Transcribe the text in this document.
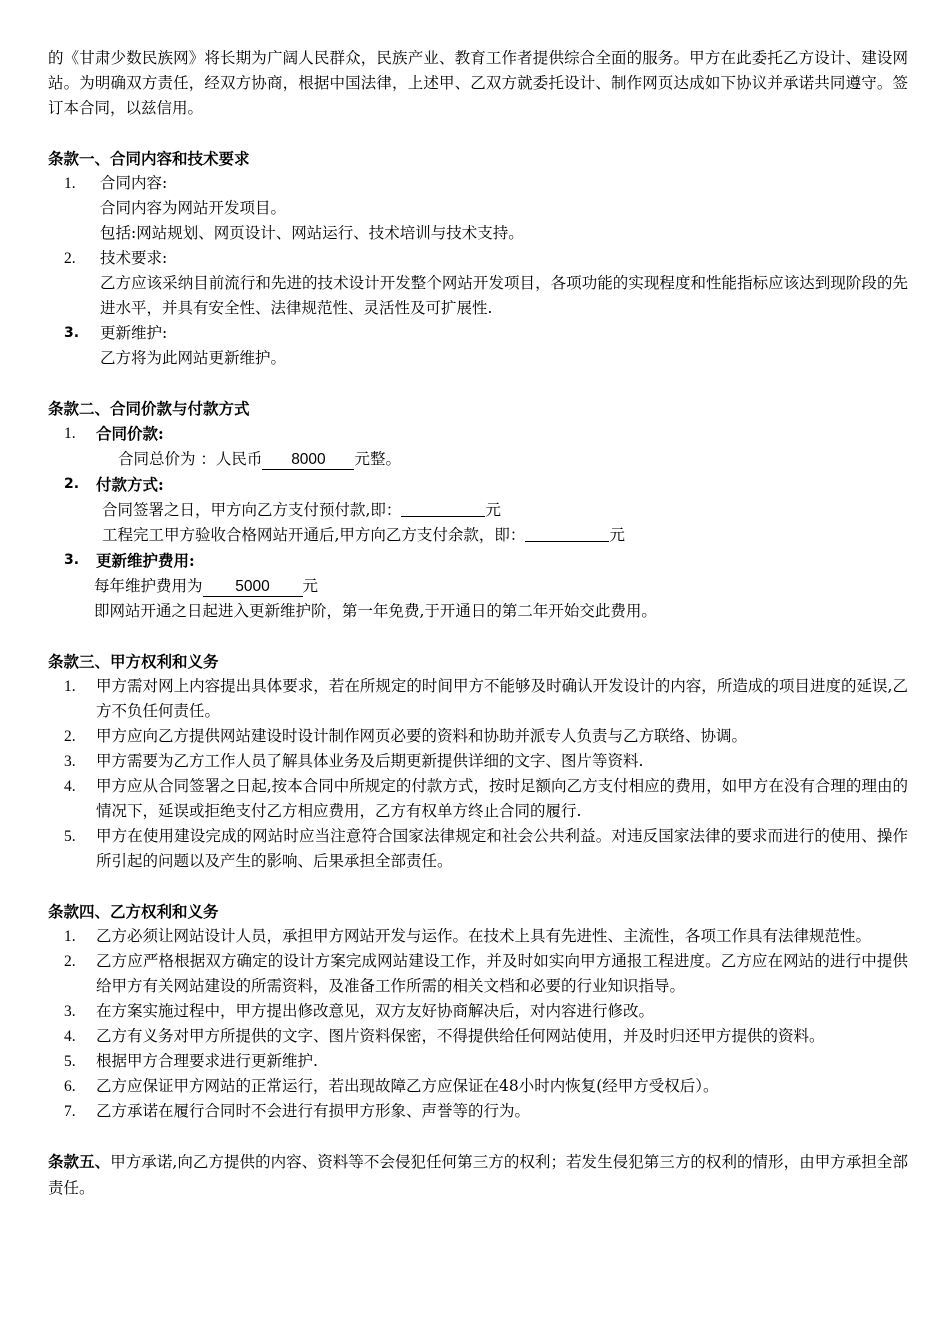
的《甘肃少数民族网》将长期为广阔人民群众，民族产业、教育工作者提供综合全面的服务。甲方在此委托乙方设计、建设网站。为明确双方责任，经双方协商，根据中国法律，上述甲、乙双方就委托设计、制作网页达成如下协议并承诺共同遵守。签订本合同，以兹信用。

条款一、合同内容和技术要求

1. 合同内容:

合同内容为网站开发项目。

包括:网站规划、网页设计、网站运行、技术培训与技术支持。

2. 技术要求:

乙方应该采纳目前流行和先进的技术设计开发整个网站开发项目，各项功能的实现程度和性能指标应该达到现阶段的先进水平，并具有安全性、法律规范性、灵活性及可扩展性.

3. 更新维护:

乙方将为此网站更新维护。

条款二、合同价款与付款方式

1. 合同价款:

合同总价为 ：人民币 8000 元整。

2. 付款方式:

合同签署之日，甲方向乙方支付预付款,即：	元

工程完工甲方验收合格网站开通后,甲方向乙方支付余款，即：	元

3. 更新维护费用:

每年维护费用为 5000 元

即网站开通之日起进入更新维护阶，第一年免费,于开通日的第二年开始交此费用。

条款三、甲方权利和义务

1. 甲方需对网上内容提出具体要求，若在所规定的时间甲方不能够及时确认开发设计的内容，所造成的项目进度的延误,乙方不负任何责任。
2. 甲方应向乙方提供网站建设时设计制作网页必要的资料和协助并派专人负责与乙方联络、协调。
3. 甲方需要为乙方工作人员了解具体业务及后期更新提供详细的文字、图片等资料.
4. 甲方应从合同签署之日起,按本合同中所规定的付款方式，按时足额向乙方支付相应的费用，如甲方在没有合理的理由的情况下，延误或拒绝支付乙方相应费用，乙方有权单方终止合同的履行.
5. 甲方在使用建设完成的网站时应当注意符合国家法律规定和社会公共利益。对违反国家法律的要求而进行的使用、操作所引起的问题以及产生的影响、后果承担全部责任。

条款四、乙方权利和义务

1. 乙方必须让网站设计人员，承担甲方网站开发与运作。在技术上具有先进性、主流性，各项工作具有法律规范性。
2. 乙方应严格根据双方确定的设计方案完成网站建设工作，并及时如实向甲方通报工程进度。乙方应在网站的进行中提供给甲方有关网站建设的所需资料，及准备工作所需的相关文档和必要的行业知识指导。
3. 在方案实施过程中，甲方提出修改意见，双方友好协商解决后，对内容进行修改。
4. 乙方有义务对甲方所提供的文字、图片资料保密，不得提供给任何网站使用，并及时归还甲方提供的资料。
5. 根据甲方合理要求进行更新维护.
6. 乙方应保证甲方网站的正常运行，若出现故障乙方应保证在48小时内恢复(经甲方受权后）。
7. 乙方承诺在履行合同时不会进行有损甲方形象、声誉等的行为。

条款五、甲方承诺,向乙方提供的内容、资料等不会侵犯任何第三方的权利；若发生侵犯第三方的权利的情形，由甲方承担全部责任。
